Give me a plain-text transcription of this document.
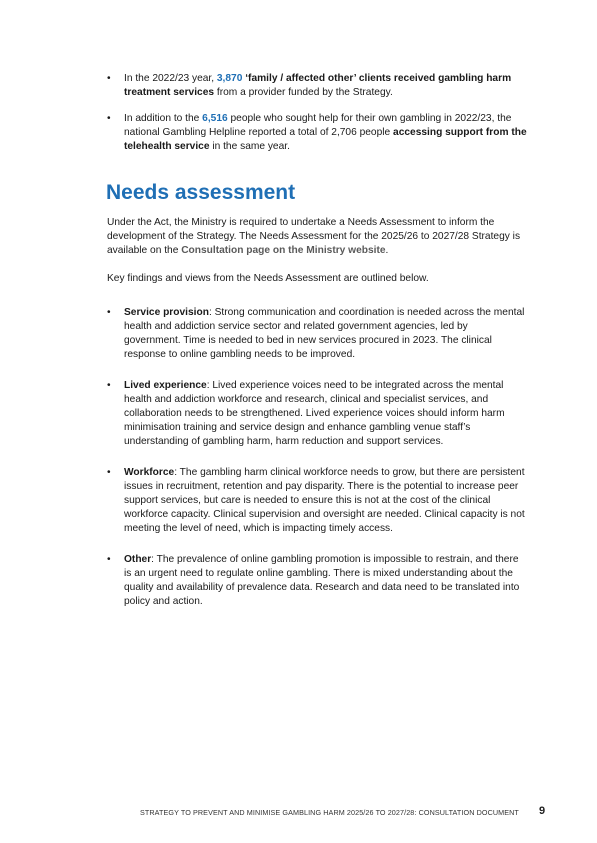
• In the 2022/23 year, 3,870 ‘family / affected other’ clients received gambling harm treatment services from a provider funded by the Strategy.
• In addition to the 6,516 people who sought help for their own gambling in 2022/23, the national Gambling Helpline reported a total of 2,706 people accessing support from the telehealth service in the same year.
Needs assessment

Under the Act, the Ministry is required to undertake a Needs Assessment to inform the development of the Strategy. The Needs Assessment for the 2025/26 to 2027/28 Strategy is available on the Consultation page on the Ministry website.

Key findings and views from the Needs Assessment are outlined below.

• Service provision: Strong communication and coordination is needed across the mental health and addiction service sector and related government agencies, led by government. Time is needed to bed in new services procured in 2023. The clinical response to online gambling needs to be improved.
• Lived experience: Lived experience voices need to be integrated across the mental health and addiction workforce and research, clinical and specialist services, and collaboration needs to be strengthened. Lived experience voices should inform harm minimisation training and service design and enhance gambling venue staff’s understanding of gambling harm, harm reduction and support services.
• Workforce: The gambling harm clinical workforce needs to grow, but there are persistent issues in recruitment, retention and pay disparity. There is the potential to increase peer support services, but care is needed to ensure this is not at the cost of the clinical workforce capacity. Clinical supervision and oversight are needed. Clinical capacity is not meeting the level of need, which is impacting timely access.
• Other: The prevalence of online gambling promotion is impossible to restrain, and there is an urgent need to regulate online gambling. There is mixed understanding about the quality and availability of prevalence data. Research and data need to be translated into policy and action.
STRATEGY TO PREVENT AND MINIMISE GAMBLING HARM 2025/26 TO 2027/28: CONSULTATION DOCUMENT 9
